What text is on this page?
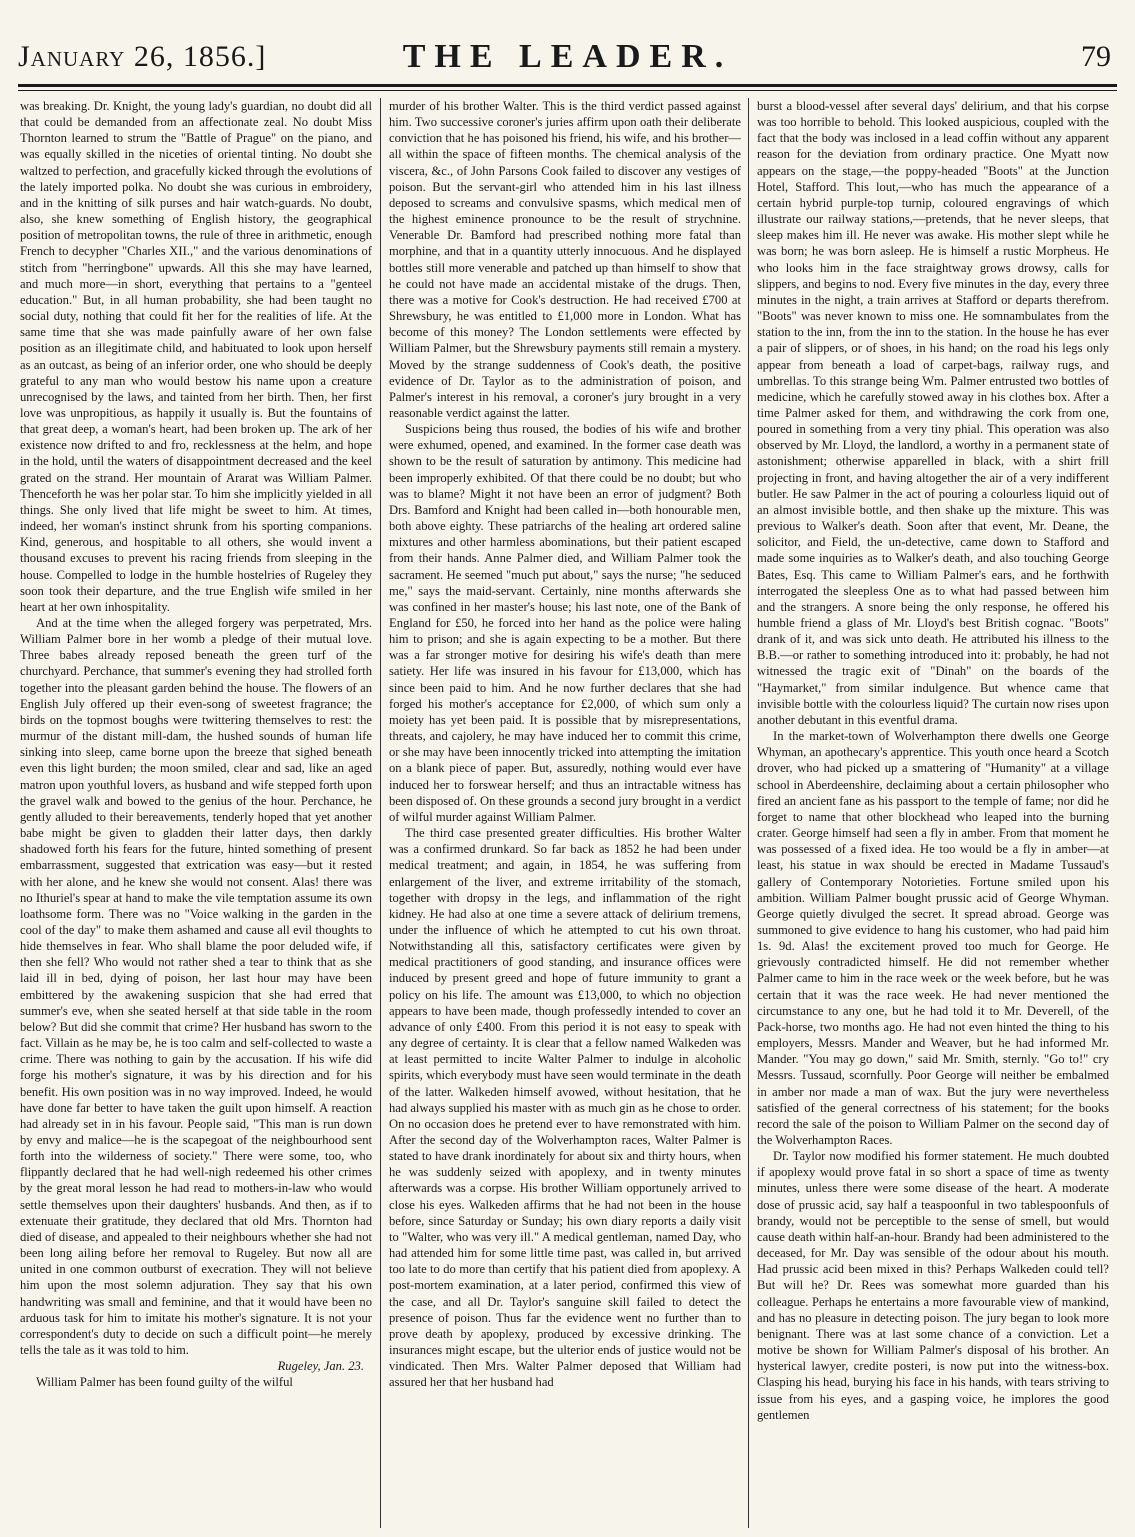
January 26, 1856.]	THE LEADER.	79

was breaking. Dr. Knight, the young lady's guardian, no doubt did all that could be demanded from an affectionate zeal. No doubt Miss Thornton learned to strum the "Battle of Prague" on the piano, and was equally skilled in the niceties of oriental tinting. No doubt she waltzed to perfection, and gracefully kicked through the evolutions of the lately imported polka. No doubt she was curious in embroidery, and in the knitting of silk purses and hair watch-guards. No doubt, also, she knew something of English history, the geographical position of metropolitan towns, the rule of three in arithmetic, enough French to decypher "Charles XII.," and the various denominations of stitch from "herringbone" upwards. All this she may have learned, and much more—in short, everything that pertains to a "genteel education." But, in all human probability, she had been taught no social duty, nothing that could fit her for the realities of life. At the same time that she was made painfully aware of her own false position as an illegitimate child, and habituated to look upon herself as an outcast, as being of an inferior order, one who should be deeply grateful to any man who would bestow his name upon a creature unrecognised by the laws, and tainted from her birth. Then, her first love was unpropitious, as happily it usually is. But the fountains of that great deep, a woman's heart, had been broken up. The ark of her existence now drifted to and fro, recklessness at the helm, and hope in the hold, until the waters of disappointment decreased and the keel grated on the strand. Her mountain of Ararat was William Palmer. Thenceforth he was her polar star. To him she implicitly yielded in all things. She only lived that life might be sweet to him. At times, indeed, her woman's instinct shrunk from his sporting companions. Kind, generous, and hospitable to all others, she would invent a thousand excuses to prevent his racing friends from sleeping in the house. Compelled to lodge in the humble hostelries of Rugeley they soon took their departure, and the true English wife smiled in her heart at her own inhospitality.

And at the time when the alleged forgery was perpetrated, Mrs. William Palmer bore in her womb a pledge of their mutual love. Three babes already reposed beneath the green turf of the churchyard. Perchance, that summer's evening they had strolled forth together into the pleasant garden behind the house. The flowers of an English July offered up their even-song of sweetest fragrance; the birds on the topmost boughs were twittering themselves to rest: the murmur of the distant mill-dam, the hushed sounds of human life sinking into sleep, came borne upon the breeze that sighed beneath even this light burden; the moon smiled, clear and sad, like an aged matron upon youthful lovers, as husband and wife stepped forth upon the gravel walk and bowed to the genius of the hour. Perchance, he gently alluded to their bereavements, tenderly hoped that yet another babe might be given to gladden their latter days, then darkly shadowed forth his fears for the future, hinted something of present embarrassment, suggested that extrication was easy—but it rested with her alone, and he knew she would not consent. Alas! there was no Ithuriel's spear at hand to make the vile temptation assume its own loathsome form. There was no "Voice walking in the garden in the cool of the day" to make them ashamed and cause all evil thoughts to hide themselves in fear. Who shall blame the poor deluded wife, if then she fell? Who would not rather shed a tear to think that as she laid ill in bed, dying of poison, her last hour may have been embittered by the awakening suspicion that she had erred that summer's eve, when she seated herself at that side table in the room below? But did she commit that crime? Her husband has sworn to the fact. Villain as he may be, he is too calm and self-collected to waste a crime. There was nothing to gain by the accusation. If his wife did forge his mother's signature, it was by his direction and for his benefit. His own position was in no way improved. Indeed, he would have done far better to have taken the guilt upon himself. A reaction had already set in in his favour. People said, "This man is run down by envy and malice—he is the scapegoat of the neighbourhood sent forth into the wilderness of society." There were some, too, who flippantly declared that he had well-nigh redeemed his other crimes by the great moral lesson he had read to mothers-in-law who would settle themselves upon their daughters' husbands. And then, as if to extenuate their gratitude, they declared that old Mrs. Thornton had died of disease, and appealed to their neighbours whether she had not been long ailing before her removal to Rugeley. But now all are united in one common outburst of execration. They will not believe him upon the most solemn adjuration. They say that his own handwriting was small and feminine, and that it would have been no arduous task for him to imitate his mother's signature. It is not your correspondent's duty to decide on such a difficult point—he merely tells the tale as it was told to him.

Rugeley, Jan. 23.

William Palmer has been found guilty of the wilful

murder of his brother Walter. This is the third verdict passed against him. Two successive coroner's juries affirm upon oath their deliberate conviction that he has poisoned his friend, his wife, and his brother—all within the space of fifteen months. The chemical analysis of the viscera, &c., of John Parsons Cook failed to discover any vestiges of poison. But the servant-girl who attended him in his last illness deposed to screams and convulsive spasms, which medical men of the highest eminence pronounce to be the result of strychnine. Venerable Dr. Bamford had prescribed nothing more fatal than morphine, and that in a quantity utterly innocuous. And he displayed bottles still more venerable and patched up than himself to show that he could not have made an accidental mistake of the drugs. Then, there was a motive for Cook's destruction. He had received £700 at Shrewsbury, he was entitled to £1,000 more in London. What has become of this money? The London settlements were effected by William Palmer, but the Shrewsbury payments still remain a mystery. Moved by the strange suddenness of Cook's death, the positive evidence of Dr. Taylor as to the administration of poison, and Palmer's interest in his removal, a coroner's jury brought in a very reasonable verdict against the latter.

Suspicions being thus roused, the bodies of his wife and brother were exhumed, opened, and examined. In the former case death was shown to be the result of saturation by antimony. This medicine had been improperly exhibited. Of that there could be no doubt; but who was to blame? Might it not have been an error of judgment? Both Drs. Bamford and Knight had been called in—both honourable men, both above eighty. These patriarchs of the healing art ordered saline mixtures and other harmless abominations, but their patient escaped from their hands. Anne Palmer died, and William Palmer took the sacrament. He seemed "much put about," says the nurse; "he seduced me," says the maid-servant. Certainly, nine months afterwards she was confined in her master's house; his last note, one of the Bank of England for £50, he forced into her hand as the police were haling him to prison; and she is again expecting to be a mother. But there was a far stronger motive for desiring his wife's death than mere satiety. Her life was insured in his favour for £13,000, which has since been paid to him. And he now further declares that she had forged his mother's acceptance for £2,000, of which sum only a moiety has yet been paid. It is possible that by misrepresentations, threats, and cajolery, he may have induced her to commit this crime, or she may have been innocently tricked into attempting the imitation on a blank piece of paper. But, assuredly, nothing would ever have induced her to forswear herself; and thus an intractable witness has been disposed of. On these grounds a second jury brought in a verdict of wilful murder against William Palmer.

The third case presented greater difficulties. His brother Walter was a confirmed drunkard. So far back as 1852 he had been under medical treatment; and again, in 1854, he was suffering from enlargement of the liver, and extreme irritability of the stomach, together with dropsy in the legs, and inflammation of the right kidney. He had also at one time a severe attack of delirium tremens, under the influence of which he attempted to cut his own throat. Notwithstanding all this, satisfactory certificates were given by medical practitioners of good standing, and insurance offices were induced by present greed and hope of future immunity to grant a policy on his life. The amount was £13,000, to which no objection appears to have been made, though professedly intended to cover an advance of only £400. From this period it is not easy to speak with any degree of certainty. It is clear that a fellow named Walkeden was at least permitted to incite Walter Palmer to indulge in alcoholic spirits, which everybody must have seen would terminate in the death of the latter. Walkeden himself avowed, without hesitation, that he had always supplied his master with as much gin as he chose to order. On no occasion does he pretend ever to have remonstrated with him. After the second day of the Wolverhampton races, Walter Palmer is stated to have drank inordinately for about six and thirty hours, when he was suddenly seized with apoplexy, and in twenty minutes afterwards was a corpse. His brother William opportunely arrived to close his eyes. Walkeden affirms that he had not been in the house before, since Saturday or Sunday; his own diary reports a daily visit to "Walter, who was very ill." A medical gentleman, named Day, who had attended him for some little time past, was called in, but arrived too late to do more than certify that his patient died from apoplexy. A post-mortem examination, at a later period, confirmed this view of the case, and all Dr. Taylor's sanguine skill failed to detect the presence of poison. Thus far the evidence went no further than to prove death by apoplexy, produced by excessive drinking. The insurances might escape, but the ulterior ends of justice would not be vindicated. Then Mrs. Walter Palmer deposed that William had assured her that her husband had

burst a blood-vessel after several days' delirium, and that his corpse was too horrible to behold. This looked auspicious, coupled with the fact that the body was inclosed in a lead coffin without any apparent reason for the deviation from ordinary practice. One Myatt now appears on the stage,—the poppy-headed "Boots" at the Junction Hotel, Stafford. This lout,—who has much the appearance of a certain hybrid purple-top turnip, coloured engravings of which illustrate our railway stations,—pretends, that he never sleeps, that sleep makes him ill. He never was awake. His mother slept while he was born; he was born asleep. He is himself a rustic Morpheus. He who looks him in the face straightway grows drowsy, calls for slippers, and begins to nod. Every five minutes in the day, every three minutes in the night, a train arrives at Stafford or departs therefrom. "Boots" was never known to miss one. He somnambulates from the station to the inn, from the inn to the station. In the house he has ever a pair of slippers, or of shoes, in his hand; on the road his legs only appear from beneath a load of carpet-bags, railway rugs, and umbrellas. To this strange being Wm. Palmer entrusted two bottles of medicine, which he carefully stowed away in his clothes box. After a time Palmer asked for them, and withdrawing the cork from one, poured in something from a very tiny phial. This operation was also observed by Mr. Lloyd, the landlord, a worthy in a permanent state of astonishment; otherwise apparelled in black, with a shirt frill projecting in front, and having altogether the air of a very indifferent butler. He saw Palmer in the act of pouring a colourless liquid out of an almost invisible bottle, and then shake up the mixture. This was previous to Walker's death. Soon after that event, Mr. Deane, the solicitor, and Field, the un-detective, came down to Stafford and made some inquiries as to Walker's death, and also touching George Bates, Esq. This came to William Palmer's ears, and he forthwith interrogated the sleepless One as to what had passed between him and the strangers. A snore being the only response, he offered his humble friend a glass of Mr. Lloyd's best British cognac. "Boots" drank of it, and was sick unto death. He attributed his illness to the B.B.—or rather to something introduced into it: probably, he had not witnessed the tragic exit of "Dinah" on the boards of the "Haymarket," from similar indulgence. But whence came that invisible bottle with the colourless liquid? The curtain now rises upon another debutant in this eventful drama.

In the market-town of Wolverhampton there dwells one George Whyman, an apothecary's apprentice. This youth once heard a Scotch drover, who had picked up a smattering of "Humanity" at a village school in Aberdeenshire, declaiming about a certain philosopher who fired an ancient fane as his passport to the temple of fame; nor did he forget to name that other blockhead who leaped into the burning crater. George himself had seen a fly in amber. From that moment he was possessed of a fixed idea. He too would be a fly in amber—at least, his statue in wax should be erected in Madame Tussaud's gallery of Contemporary Notorieties. Fortune smiled upon his ambition. William Palmer bought prussic acid of George Whyman. George quietly divulged the secret. It spread abroad. George was summoned to give evidence to hang his customer, who had paid him 1s. 9d. Alas! the excitement proved too much for George. He grievously contradicted himself. He did not remember whether Palmer came to him in the race week or the week before, but he was certain that it was the race week. He had never mentioned the circumstance to any one, but he had told it to Mr. Deverell, of the Pack-horse, two months ago. He had not even hinted the thing to his employers, Messrs. Mander and Weaver, but he had informed Mr. Mander. "You may go down," said Mr. Smith, sternly. "Go to!" cry Messrs. Tussaud, scornfully. Poor George will neither be embalmed in amber nor made a man of wax. But the jury were nevertheless satisfied of the general correctness of his statement; for the books record the sale of the poison to William Palmer on the second day of the Wolverhampton Races.

Dr. Taylor now modified his former statement. He much doubted if apoplexy would prove fatal in so short a space of time as twenty minutes, unless there were some disease of the heart. A moderate dose of prussic acid, say half a teaspoonful in two tablespoonfuls of brandy, would not be perceptible to the sense of smell, but would cause death within half-an-hour. Brandy had been administered to the deceased, for Mr. Day was sensible of the odour about his mouth. Had prussic acid been mixed in this? Perhaps Walkeden could tell? But will he? Dr. Rees was somewhat more guarded than his colleague. Perhaps he entertains a more favourable view of mankind, and has no pleasure in detecting poison. The jury began to look more benignant. There was at last some chance of a conviction. Let a motive be shown for William Palmer's disposal of his brother. An hysterical lawyer, credite posteri, is now put into the witness-box. Clasping his head, burying his face in his hands, with tears striving to issue from his eyes, and a gasping voice, he implores the good gentlemen
